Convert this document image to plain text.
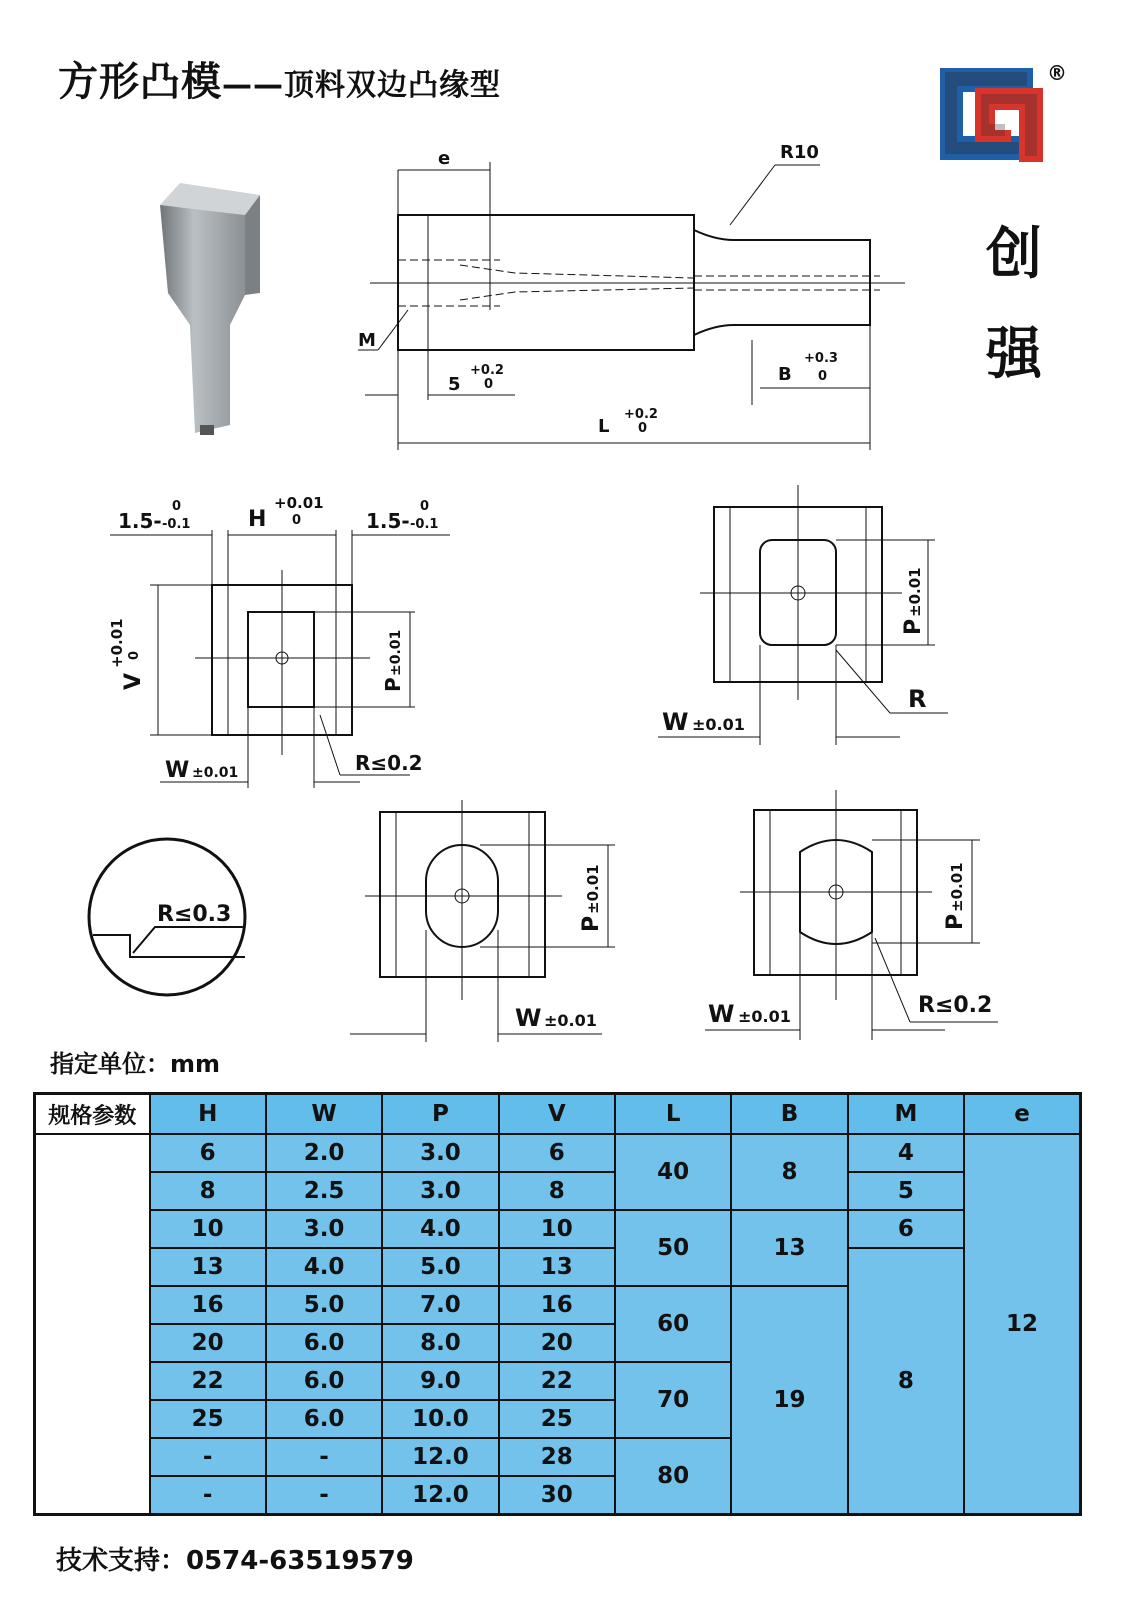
方形凸模——顶料双边凸缘型	®
创
强
e	R10
M
5
+0.2
0	B
+0.3
0
L
+0.2
0
1.5-
0
-0.1	H
+0.01
0	1.5-
0
-0.1
V
+0.01 0
P
±0.01
W ±0.01	R≤0.2
P
±0.01
W ±0.01
R
R≤0.3	P
±0.01
W ±0.01
P
±0.01
W ±0.01	R≤0.2
指定单位：mm
规格参数	H	W	P	V	L	B	M	e
	6	2.0	3.0	6	40	8	4	12
	8	2.5	3.0	8			5	
	10	3.0	4.0	10	50	13	6	
	13	4.0	5.0	13			8	
	16	5.0	7.0	16	60	19		
	20	6.0	8.0	20				
	22	6.0	9.0	22	70			
	25	6.0	10.0	25				
	-	-	12.0	28	80			
	-	-	12.0	30				
技术支持：0574-63519579
